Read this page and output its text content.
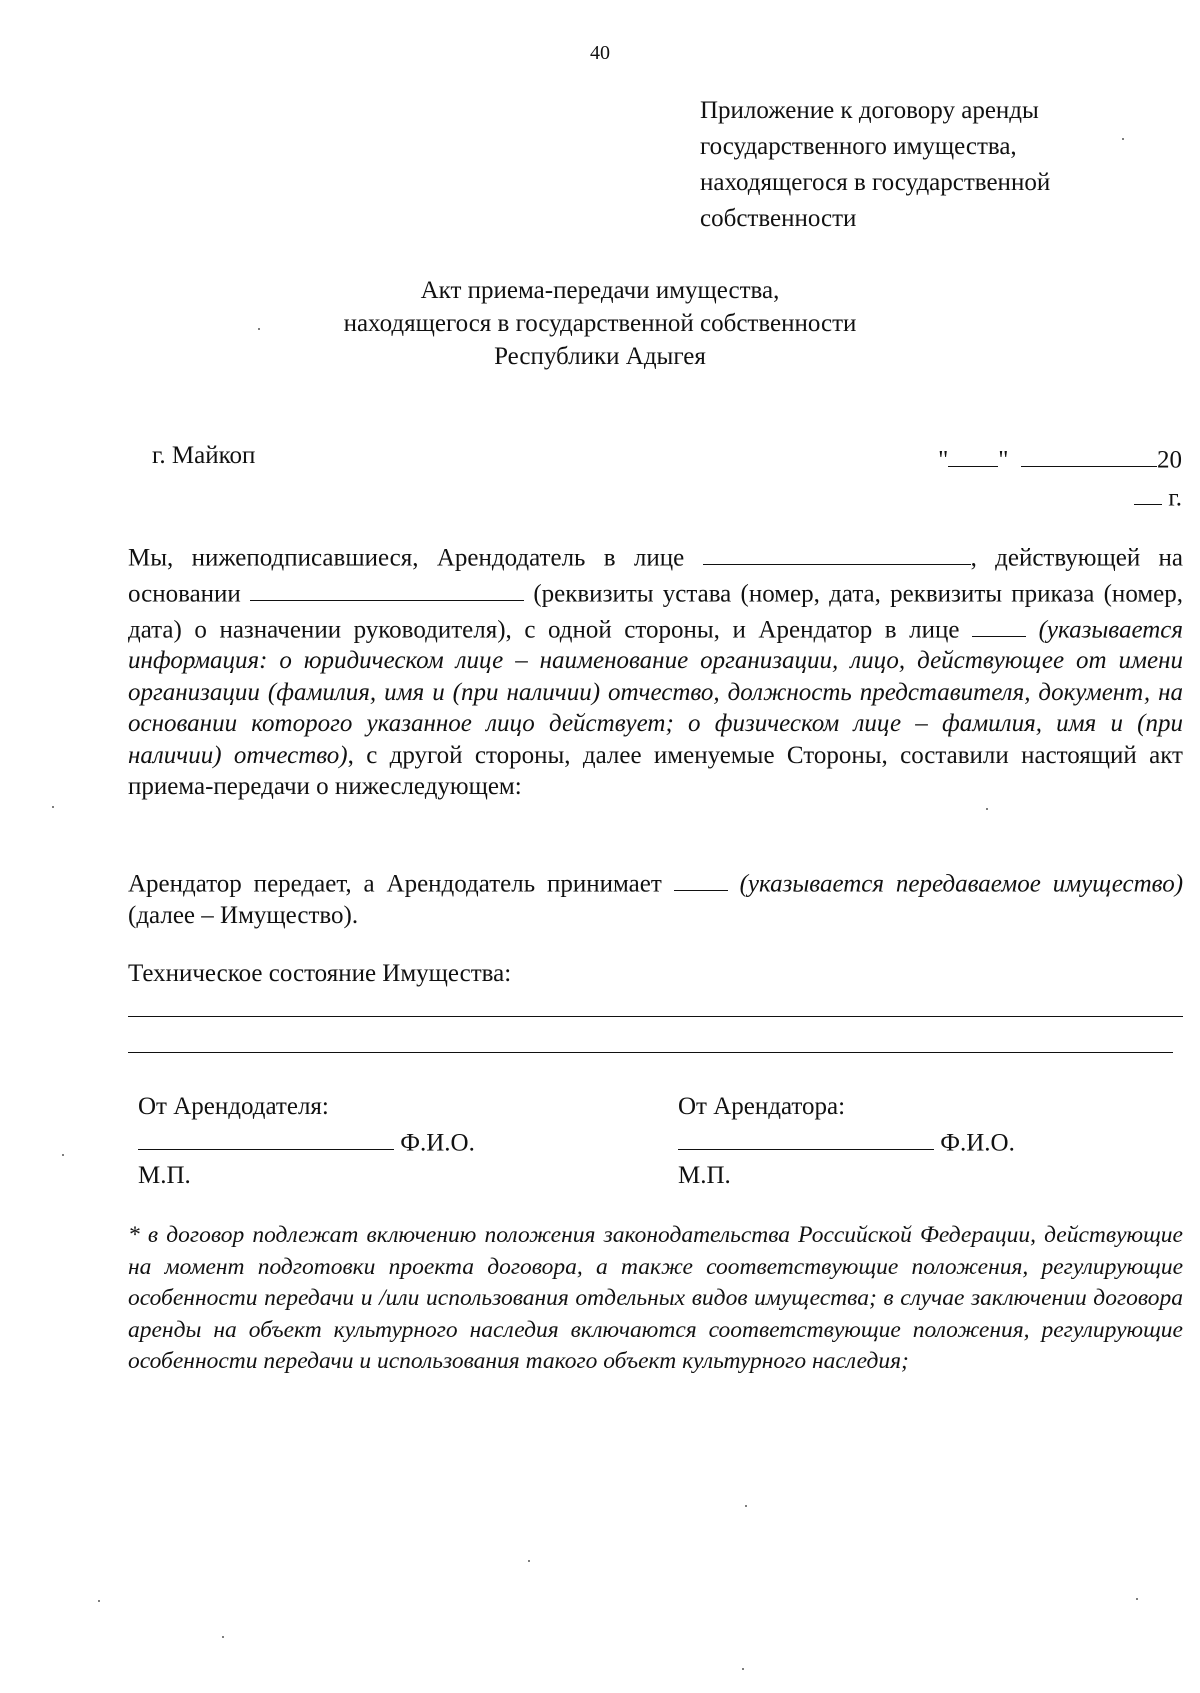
40
Приложение к договору аренды
государственного имущества,
находящегося в государственной
собственности
Акт приема-передачи имущества,
находящегося в государственной собственности
Республики Адыгея
г. Майкоп	" "	20
г.
Мы, нижеподписавшиеся, Арендодатель в лице	, действующей на основании	(реквизиты устава (номер, дата, реквизиты приказа (номер, дата) о назначении руководителя), с одной стороны, и Арендатор в лице	(указывается информация: о юридическом лице – наименование организации, лицо, действующее от имени организации (фамилия, имя и (при наличии) отчество, должность представителя, документ, на основании которого указанное лицо действует; о физическом лице – фамилия, имя и (при наличии) отчество), с другой стороны, далее именуемые Стороны, составили настоящий акт приема-передачи о нижеследующем:
Арендатор передает, а Арендодатель принимает	(указывается передаваемое имущество) (далее – Имущество).
Техническое состояние Имущества:
От Арендодателя:
Ф.И.О.
М.П.
От Арендатора:
Ф.И.О.
М.П.
* в договор подлежат включению положения законодательства Российской Федерации, действующие на момент подготовки проекта договора, а также соответствующие положения, регулирующие особенности передачи и /или использования отдельных видов имущества; в случае заключении договора аренды на объект культурного наследия включаются соответствующие положения, регулирующие особенности передачи и использования такого объект культурного наследия;
